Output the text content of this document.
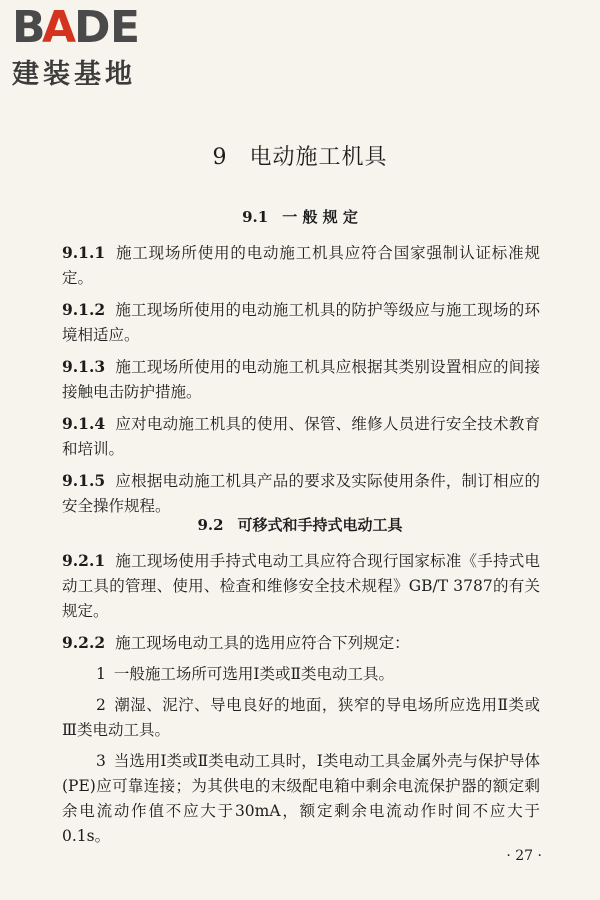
B
A
D
E
建装基地
9 电动施工机具
9.1 一 般 规 定

9.1.1 施工现场所使用的电动施工机具应符合国家强制认证标准规定。

9.1.2 施工现场所使用的电动施工机具的防护等级应与施工现场的环境相适应。

9.1.3 施工现场所使用的电动施工机具应根据其类别设置相应的间接接触电击防护措施。

9.1.4 应对电动施工机具的使用、保管、维修人员进行安全技术教育和培训。

9.1.5 应根据电动施工机具产品的要求及实际使用条件，制订相应的安全操作规程。

9.2 可移式和手持式电动工具

9.2.1 施工现场使用手持式电动工具应符合现行国家标准《手持式电动工具的管理、使用、检查和维修安全技术规程》GB/T 3787的有关规定。

9.2.2 施工现场电动工具的选用应符合下列规定：

1 一般施工场所可选用Ⅰ类或Ⅱ类电动工具。

2 潮湿、泥泞、导电良好的地面，狭窄的导电场所应选用Ⅱ类或Ⅲ类电动工具。

3 当选用Ⅰ类或Ⅱ类电动工具时，Ⅰ类电动工具金属外壳与保护导体(PE)应可靠连接；为其供电的末级配电箱中剩余电流保护器的额定剩余电流动作值不应大于30mA，额定剩余电流动作时间不应大于0.1s。

· 27 ·
